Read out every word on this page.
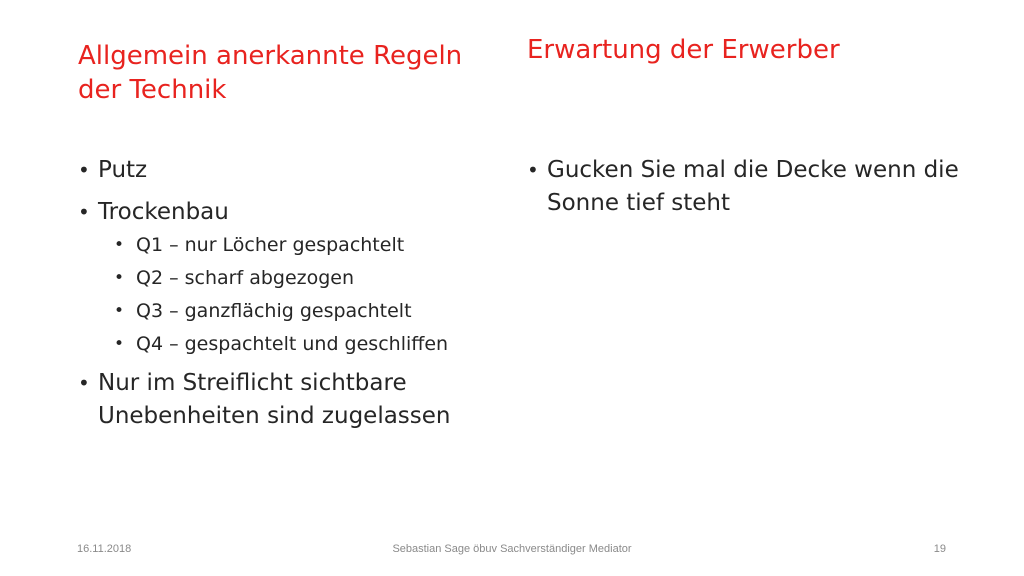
Allgemein anerkannte Regeln der Technik
Erwartung der Erwerber
• Putz
• Trockenbau
• Q1 – nur Löcher gespachtelt
• Q2 – scharf abgezogen
• Q3 – ganzflächig gespachtelt
• Q4 – gespachtelt und geschliffen
• Nur im Streiflicht sichtbare Unebenheiten sind zugelassen
• Gucken Sie mal die Decke wenn die Sonne tief steht
16.11.2018	Sebastian Sage öbuv Sachverständiger Mediator	19
